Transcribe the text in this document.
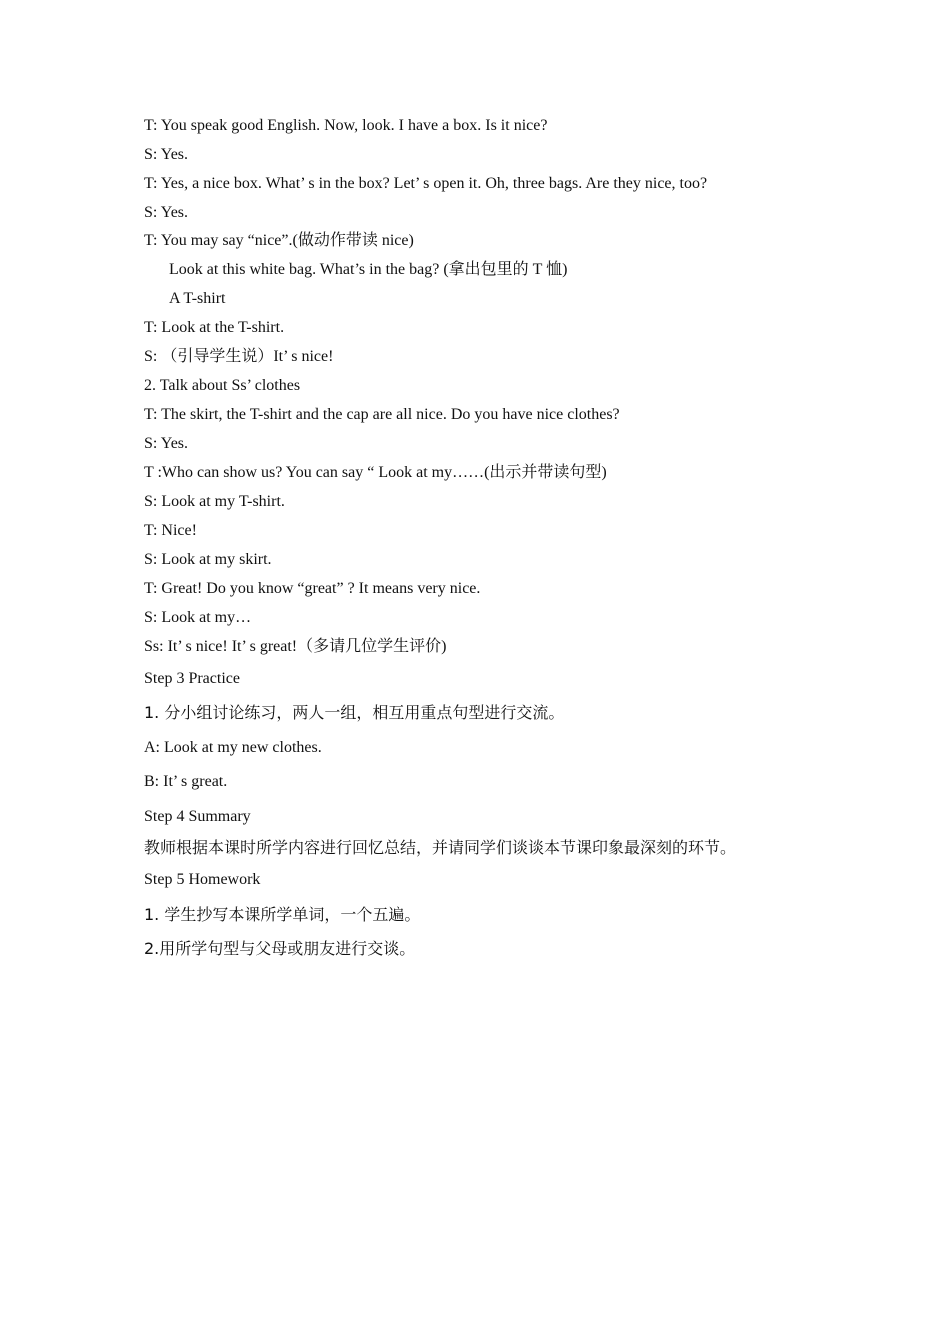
T: You speak good English. Now, look. I have a box. Is it nice?
S: Yes.
T: Yes, a nice box. What’ s in the box? Let’ s open it. Oh, three bags. Are they nice, too?
S: Yes.
T: You may say “nice”.(做动作带读 nice)
Look at this white bag. What’s in the bag? (拿出包里的 T 恤)
A T-shirt
T: Look at the T-shirt.
S: （引导学生说）It’ s nice!
2. Talk about Ss’ clothes
T: The skirt, the T-shirt and the cap are all nice. Do you have nice clothes?
S: Yes.
T :Who can show us? You can say “ Look at my……(出示并带读句型)
S: Look at my T-shirt.
T: Nice!
S: Look at my skirt.
T: Great! Do you know “great” ? It means very nice.
S: Look at my…
Ss: It’ s nice! It’ s great!（多请几位学生评价)
Step 3 Practice
1. 分小组讨论练习，两人一组，相互用重点句型进行交流。
A: Look at my new clothes.
B: It’ s great.
Step 4 Summary
教师根据本课时所学内容进行回忆总结，并请同学们谈谈本节课印象最深刻的环节。
Step 5 Homework
1. 学生抄写本课所学单词，一个五遍。
2.用所学句型与父母或朋友进行交谈。
